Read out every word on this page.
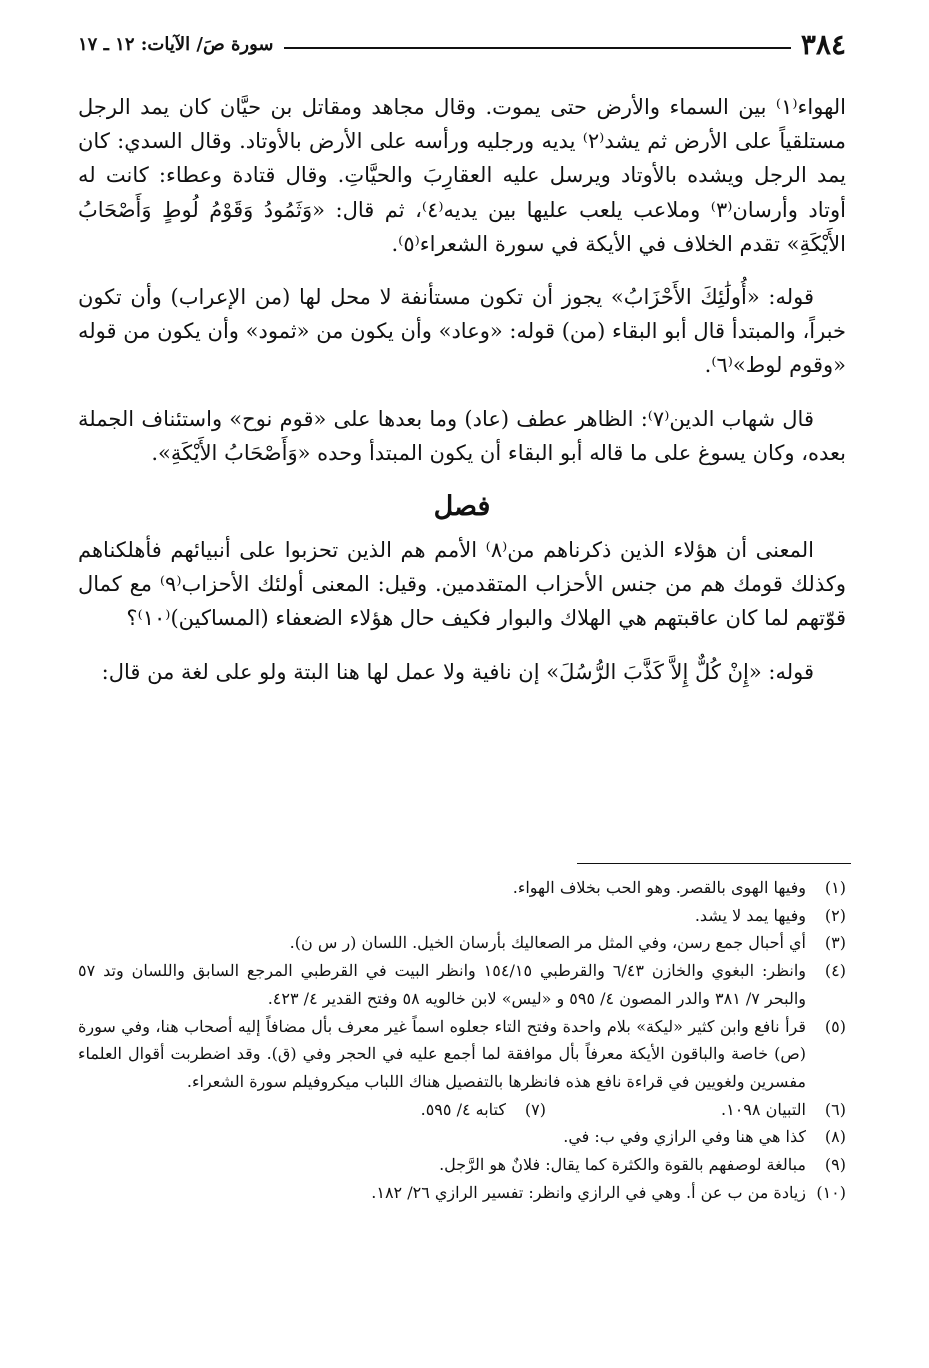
٣٨٤
سورة صَ/ الآيات: ١٢ ـ ١٧

الهواء⁽١⁾ بين السماء والأرض حتى يموت. وقال مجاهد ومقاتل بن حيَّان كان يمد الرجل مستلقياً على الأرض ثم يشد⁽٢⁾ يديه ورجليه ورأسه على الأرض بالأوتاد. وقال السدي: كان يمد الرجل ويشده بالأوتاد ويرسل عليه العقارِبَ والحيَّاتِ. وقال قتادة وعطاء: كانت له أوتاد وأرسان⁽٣⁾ وملاعب يلعب عليها بين يديه⁽٤⁾، ثم قال: «وَثَمُودُ وَقَوْمُ لُوطٍ وَأَصْحَابُ الأَيْكَةِ» تقدم الخلاف في الأيكة في سورة الشعراء⁽٥⁾.

قوله: «أُولَٰئِكَ الأَحْزَابُ» يجوز أن تكون مستأنفة لا محل لها (من الإعراب) وأن تكون خبراً، والمبتدأ قال أبو البقاء (من) قوله: «وعاد» وأن يكون من «ثمود» وأن يكون من قوله «وقوم لوط»⁽٦⁾.

قال شهاب الدين⁽٧⁾: الظاهر عطف (عاد) وما بعدها على «قوم نوح» واستئناف الجملة بعده، وكان يسوغ على ما قاله أبو البقاء أن يكون المبتدأ وحده «وَأَصْحَابُ الأَيْكَةِ».

فصل

المعنى أن هؤلاء الذين ذكرناهم من⁽٨⁾ الأمم هم الذين تحزبوا على أنبيائهم فأهلكناهم وكذلك قومك هم من جنس الأحزاب المتقدمين. وقيل: المعنى أولئك الأحزاب⁽٩⁾ مع كمال قوّتهم لما كان عاقبتهم هي الهلاك والبوار فكيف حال هؤلاء الضعفاء (المساكين)⁽١٠⁾؟

قوله: «إِنْ كُلٌّ إِلاَّ كَذَّبَ الرُّسُلَ» إن نافية ولا عمل لها هنا البتة ولو على لغة من قال:

(١)
وفيها الهوى بالقصر. وهو الحب بخلاف الهواء.
(٢)
وفيها يمد لا يشد.
(٣)
أي أحبال جمع رسن، وفي المثل مر الصعاليك بأرسان الخيل. اللسان (ر س ن).
(٤)
وانظر: البغوي والخازن ٦/٤٣ والقرطبي ١٥٤/١٥ وانظر البيت في القرطبي المرجع السابق واللسان وتد ٥٧ والبحر ٧/ ٣٨١ والدر المصون ٤/ ٥٩٥ و «ليس» لابن خالويه ٥٨ وفتح القدير ٤/ ٤٢٣.
(٥)
قرأ نافع وابن كثير «ليكة» بلام واحدة وفتح التاء جعلوه اسماً غير معرف بأل مضافاً إليه أصحاب هنا، وفي سورة (ص) خاصة والباقون الأيكة معرفاً بأل موافقة لما أجمع عليه في الحجر وفي (ق). وقد اضطربت أقوال العلماء مفسرين ولغويين في قراءة نافع هذه فانظرها بالتفصيل هناك اللباب ميكروفيلم سورة الشعراء.
(٦)
التبيان ١٠٩٨.
(٧)
كتابه ٤/ ٥٩٥.
(٨)
كذا هي هنا وفي الرازي وفي ب: في.
(٩)
مبالغة لوصفهم بالقوة والكثرة كما يقال: فلانٌ هو الرَّجل.
(١٠)
زيادة من ب عن أ. وهي في الرازي وانظر: تفسير الرازي ٢٦/ ١٨٢.
